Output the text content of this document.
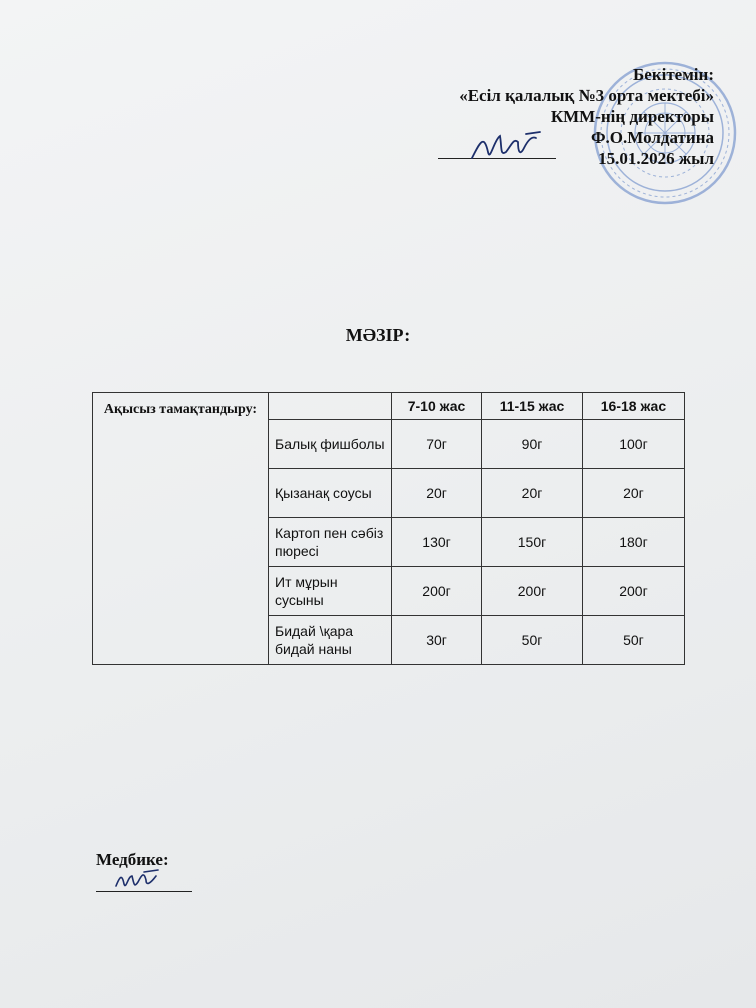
Бекітемін:
«Есіл қалалық №3 орта мектебі»
КММ-нің директоры
Ф.О.Молдатина
15.01.2026 жыл
МӘЗІР:
Ақысыз тамақтандыру:		7-10 жас	11-15 жас	16-18 жас
	Балық фишболы	70г	90г	100г
	Қызанақ соусы	20г	20г	20г
	Картоп пен сәбіз пюресі	130г	150г	180г
	Ит мұрын сусыны	200г	200г	200г
	Бидай \қара бидай наны	30г	50г	50г
Медбике:
